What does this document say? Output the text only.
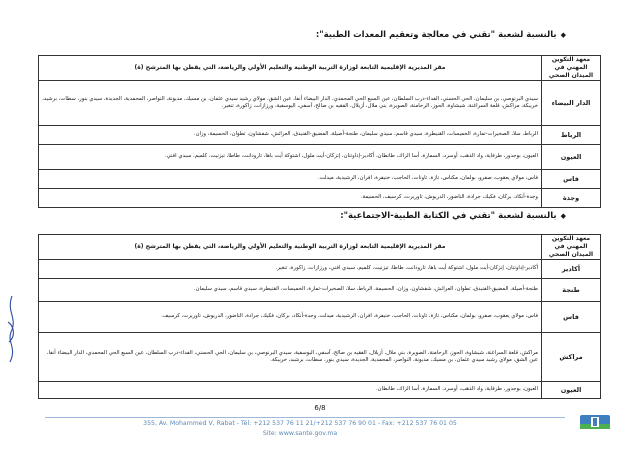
◆بالنسبة لشعبة "تقني في معالجة وتعقيم المعدات الطبية":
معهد التكوين المهني في الميدان الصحي	مقر المديرية الإقليمية التابعة لوزارة التربية الوطنية والتعليم الأولي والرياضة، التي يقطن بها المترشح (ة)
الدار البيضاء	سيدي البرنوصي، بن سليمان، الحي الحسني، الفداء-درب السلطان، عين السبع الحي المحمدي، الدار البيضاء أنفا، عين الشق، مولاي رشيد سيدي عثمان، بن مسيك، مديونة، النواصر، المحمدية، الجديدة، سيدي بنور، سطات، برشيد، خريبكة، مراكش، قلعة السراغنة، شيشاوة، الحوز، الرحامنة، الصويرة، بني ملال، أزيلال، الفقيه بن صالح، آسفي، اليوسفية، ورزازات، زاكورة، تنغير.
الرباط	الرباط، سلا، الصخيرات-تمارة، الخميسات، القنيطرة، سيدي قاسم، سيدي سليمان، طنجة-أصيلة، المضيق-الفنيدق، العرائش، شفشاون، تطوان، الحسيمة، وزان.
العيون	العيون، بوجدور، طرفاية، واد الذهب، أوسرد، السمارة، أسا الزاك، طانطان، أكادير-إداوتنان، إنزكان-أيت ملول، اشتوكة أيت باها، تارودانت، طاطا، تيزنيت، كلميم، سيدي افني.
فاس	فاس، مولاي يعقوب، صفرو، بولمان، مكناس، تازة، تاونات، الحاجب، خنيفرة، افران، الرشيدية، ميدلت.
وجدة	وجدة-أنكاد، بركان، فكيك، جرادة، الناضور، الدريوش، تاوريرت، كرسيف، الحسيمة.
◆بالنسبة لشعبة "تقني في الكتابة الطبية-الاجتماعية":
معهد التكوين المهني في الميدان الصحي	مقر المديرية الإقليمية التابعة لوزارة التربية الوطنية والتعليم الأولي والرياضة، التي يقطن بها المترشح (ة)
أكادير	أكادير-إداوتنان، إنزكان-أيت ملول، اشتوكة أيت باها، تارودانت، طاطا، تيزنيت، كلميم، سيدي افني، ورزازات، زاكورة، تنغير.
طنجة	طنجة-أصيلة، المضيق-الفنيدق، تطوان، العرائش، شفشاون، وزان، الحسيمة، الرباط، سلا، الصخيرات-تمارة، الخميسات، القنيطرة، سيدي قاسم، سيدي سليمان.
فاس	فاس، مولاي يعقوب، صفرو، بولمان، مكناس، تازة، تاونات، الحاجب، خنيفرة، افران، الرشيدية، ميدلت، وجدة-أنكاد، بركان، فكيك، جرادة، الناضور، الدريوش، تاوريرت، كرسيف.
مراكش	مراكش، قلعة السراغنة، شيشاوة، الحوز، الرحامنة، الصويرة، بني ملال، أزيلال، الفقيه بن صالح، آسفي، اليوسفية، سيدي البرنوصي، بن سليمان، الحي الحسني، الفداء-درب السلطان، عين السبع الحي المحمدي، الدار البيضاء أنفا، عين الشق، مولاي رشيد سيدي عثمان، بن مسيك، مديونة، النواصر، المحمدية، الجديدة، سيدي بنور، سطات، برشيد، خريبكة.
العيون	العيون، بوجدور، طرفاية، واد الذهب، أوسرد، السمارة، أسا الزاك، طانطان.
6/8
355, Av. Mohammed V, Rabat - Tél: +212 537 76 11 21/+212 537 76 90 01 - Fax: +212 537 76 01 05
Site: www.sante.gov.ma
